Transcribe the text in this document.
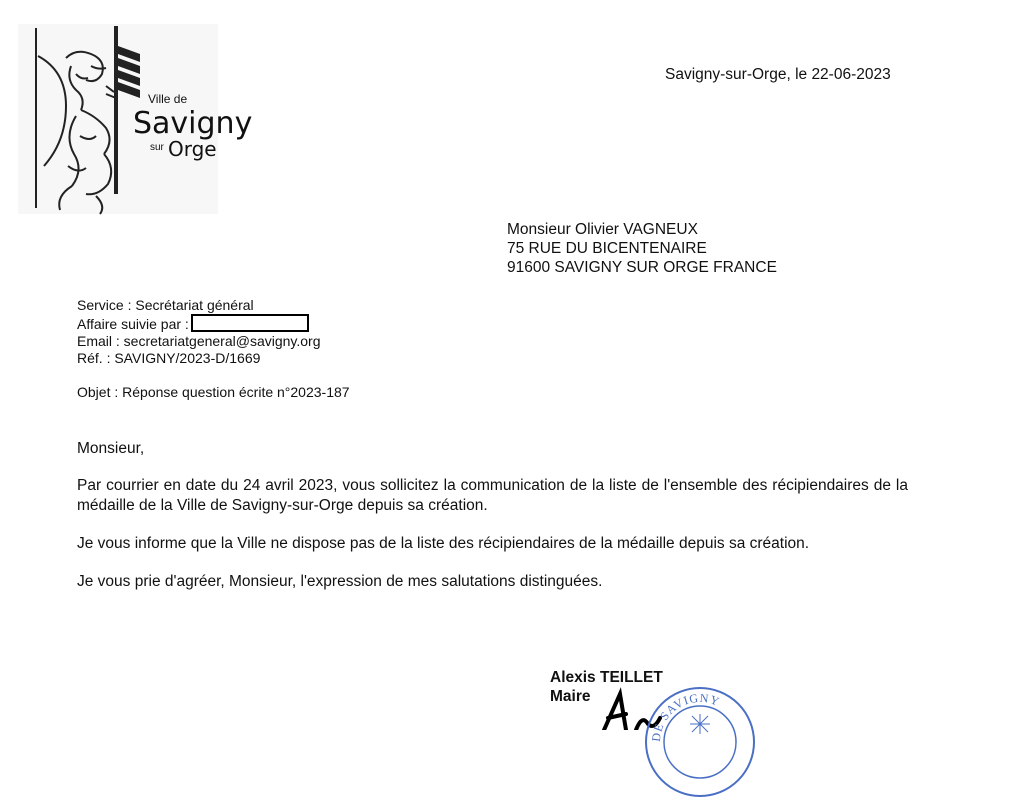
Ville de
Savigny
sur Orge
Savigny-sur-Orge, le 22-06-2023
Monsieur Olivier VAGNEUX
75 RUE DU BICENTENAIRE
91600 SAVIGNY SUR ORGE FRANCE
Service : Secrétariat général
Affaire suivie par :
Email : secretariatgeneral@savigny.org
Réf. : SAVIGNY/2023-D/1669
Objet : Réponse question écrite n°2023-187
Monsieur,
Par courrier en date du 24 avril 2023, vous sollicitez la communication de la liste de l'ensemble des récipiendaires de la médaille de la Ville de Savigny-sur-Orge depuis sa création.
Je vous informe que la Ville ne dispose pas de la liste des récipiendaires de la médaille depuis sa création.
Je vous prie d'agréer, Monsieur, l'expression de mes salutations distinguées.
Alexis TEILLET
Maire
DE SAVIGNY
